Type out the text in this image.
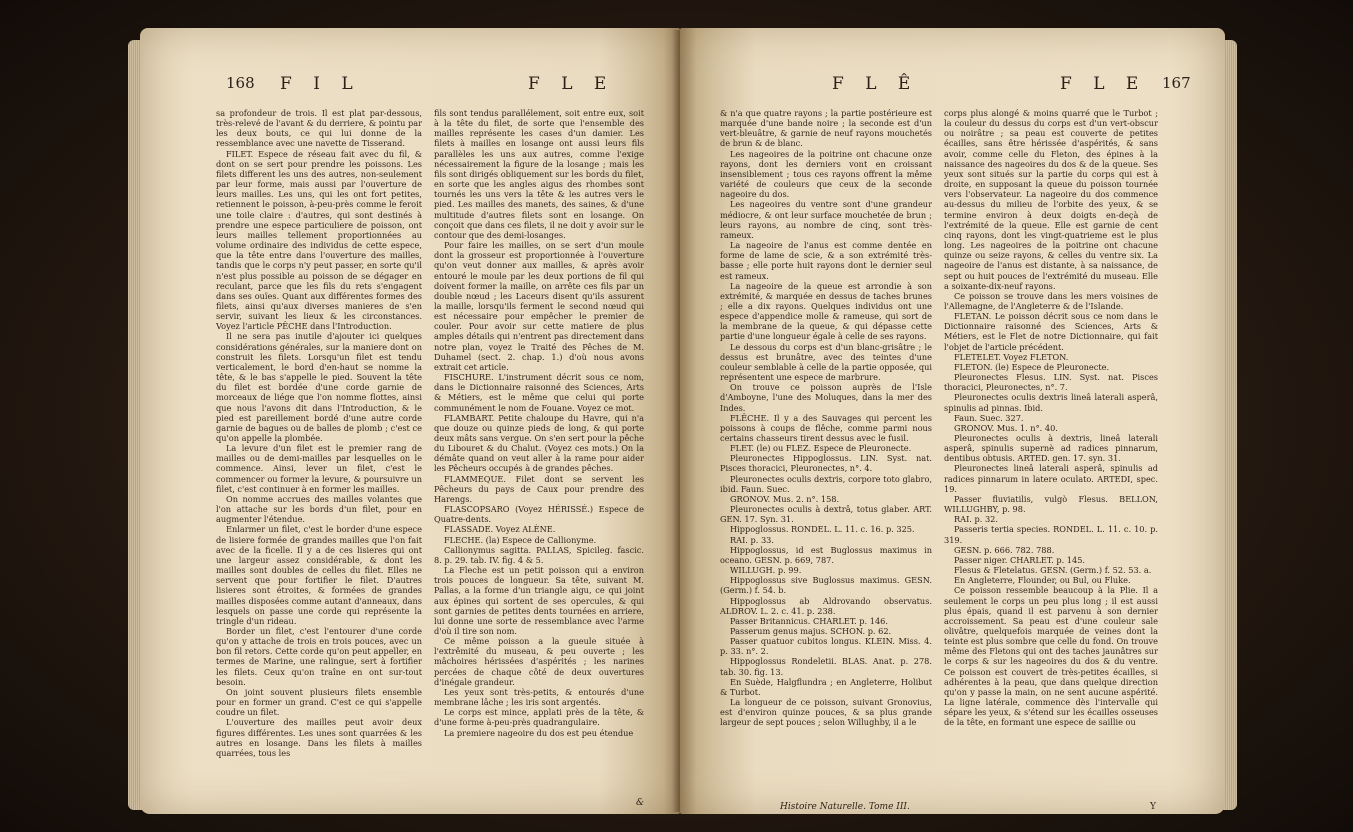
168 F I L	F L E

sa profondeur de trois. Il est plat par-dessous, très-relevé de l'avant & du derriere, & pointu par les deux bouts, ce qui lui donne de la ressemblance avec une navette de Tisserand.

FILET. Espece de réseau fait avec du fil, & dont on se sert pour prendre les poissons. Les filets different les uns des autres, non-seulement par leur forme, mais aussi par l'ouverture de leurs mailles. Les uns, qui les ont fort petites, retiennent le poisson, à-peu-près comme le feroit une toile claire : d'autres, qui sont destinés à prendre une espece particuliere de poisson, ont leurs mailles tellement proportionnées au volume ordinaire des individus de cette espece, que la tête entre dans l'ouverture des mailles, tandis que le corps n'y peut passer, en sorte qu'il n'est plus possible au poisson de se dégager en reculant, parce que les fils du rets s'engagent dans ses ouïes. Quant aux différentes formes des filets, ainsi qu'aux diverses manieres de s'en servir, suivant les lieux & les circonstances. Voyez l'article PÊCHE dans l'Introduction.

Il ne sera pas inutile d'ajouter ici quelques considérations générales, sur la maniere dont on construit les filets. Lorsqu'un filet est tendu verticalement, le bord d'en-haut se nomme la tête, & le bas s'appelle le pied. Souvent la tête du filet est bordée d'une corde garnie de morceaux de liége que l'on nomme flottes, ainsi que nous l'avons dit dans l'Introduction, & le pied est pareillement bordé d'une autre corde garnie de bagues ou de balles de plomb ; c'est ce qu'on appelle la plombée.

La levure d'un filet est le premier rang de mailles ou de demi-mailles par lesquelles on le commence. Ainsi, lever un filet, c'est le commencer ou former la levure, & poursuivre un filet, c'est continuer à en former les mailles.

On nomme accrues des mailles volantes que l'on attache sur les bords d'un filet, pour en augmenter l'étendue.

Enlarmer un filet, c'est le border d'une espece de lisiere formée de grandes mailles que l'on fait avec de la ficelle. Il y a de ces lisieres qui ont une largeur assez considérable, & dont les mailles sont doubles de celles du filet. Elles ne servent que pour fortifier le filet. D'autres lisieres sont étroites, & formées de grandes mailles disposées comme autant d'anneaux, dans lesquels on passe une corde qui représente la tringle d'un rideau.

Border un filet, c'est l'entourer d'une corde qu'on y attache de trois en trois pouces, avec un bon fil retors. Cette corde qu'on peut appeller, en termes de Marine, une ralingue, sert à fortifier les filets. Ceux qu'on traîne en ont sur-tout besoin.

On joint souvent plusieurs filets ensemble pour en former un grand. C'est ce qui s'appelle coudre un filet.

L'ouverture des mailles peut avoir deux figures différentes. Les unes sont quarrées & les autres en losange. Dans les filets à mailles quarrées, tous les

fils sont tendus parallélement, soit entre eux, soit à la tête du filet, de sorte que l'ensemble des mailles représente les cases d'un damier. Les filets à mailles en losange ont aussi leurs fils parallèles les uns aux autres, comme l'exige nécessairement la figure de la losange ; mais les fils sont dirigés obliquement sur les bords du filet, en sorte que les angles aigus des rhombes sont tournés les uns vers la tête & les autres vers le pied. Les mailles des manets, des saines, & d'une multitude d'autres filets sont en losange. On conçoit que dans ces filets, il ne doit y avoir sur le contour que des demi-losanges.

Pour faire les mailles, on se sert d'un moule dont la grosseur est proportionnée à l'ouverture qu'on veut donner aux mailles, & après avoir entouré le moule par les deux portions de fil qui doivent former la maille, on arrête ces fils par un double nœud ; les Laceurs disent qu'ils assurent la maille, lorsqu'ils ferment le second nœud qui est nécessaire pour empêcher le premier de couler. Pour avoir sur cette matiere de plus amples détails qui n'entrent pas directement dans notre plan, voyez le Traité des Pêches de M. Duhamel (sect. 2. chap. 1.) d'où nous avons extrait cet article.

FISCHURE. L'instrument décrit sous ce nom, dans le Dictionnaire raisonné des Sciences, Arts & Métiers, est le même que celui qui porte communément le nom de Fouane. Voyez ce mot.

FLAMBART. Petite chaloupe du Havre, qui n'a que douze ou quinze pieds de long, & qui porte deux mâts sans vergue. On s'en sert pour la pêche du Libouret & du Chalut. (Voyez ces mots.) On la démâte quand on veut aller à la rame pour aider les Pêcheurs occupés à de grandes pêches.

FLAMMEQUE. Filet dont se servent les Pêcheurs du pays de Caux pour prendre des Harengs.

FLASCOPSARO (Voyez HÉRISSÉ.) Espece de Quatre-dents.

FLASSADE. Voyez ALÈNE.

FLECHE. (la) Espece de Callionyme.

Callionymus sagitta. PALLAS, Spicileg. fascic. 8. p. 29. tab. IV. fig. 4 & 5.

La Fleche est un petit poisson qui a environ trois pouces de longueur. Sa tête, suivant M. Pallas, a la forme d'un triangle aigu, ce qui joint aux épines qui sortent de ses opercules, & qui sont garnies de petites dents tournées en arriere, lui donne une sorte de ressemblance avec l'arme d'où il tire son nom.

Ce même poisson a la gueule située à l'extrêmité du museau, & peu ouverte ; les mâchoires hérissées d'aspérités ; les narines percées de chaque côté de deux ouvertures d'inégale grandeur.

Les yeux sont très-petits, & entourés d'une membrane lâche ; les iris sont argentés.

Le corps est mince, applati près de la tête, & d'une forme à-peu-près quadrangulaire.

La premiere nageoire du dos est peu étendue

&
F L Ê	F L E 167

& n'a que quatre rayons ; la partie postérieure est marquée d'une bande noire ; la seconde est d'un vert-bleuâtre, & garnie de neuf rayons mouchetés de brun & de blanc.

Les nageoires de la poitrine ont chacune onze rayons, dont les derniers vont en croissant insensiblement ; tous ces rayons offrent la même variété de couleurs que ceux de la seconde nageoire du dos.

Les nageoires du ventre sont d'une grandeur médiocre, & ont leur surface mouchetée de brun ; leurs rayons, au nombre de cinq, sont très-rameux.

La nageoire de l'anus est comme dentée en forme de lame de scie, & a son extrémité très-basse ; elle porte huit rayons dont le dernier seul est rameux.

La nageoire de la queue est arrondie à son extrémité, & marquée en dessus de taches brunes ; elle a dix rayons. Quelques individus ont une espece d'appendice molle & rameuse, qui sort de la membrane de la queue, & qui dépasse cette partie d'une longueur égale à celle de ses rayons.

Le dessous du corps est d'un blanc-grisâtre ; le dessus est brunâtre, avec des teintes d'une couleur semblable à celle de la partie opposée, qui représentent une espece de marbrure.

On trouve ce poisson auprès de l'Isle d'Amboyne, l'une des Moluques, dans la mer des Indes.

FLÊCHE. Il y a des Sauvages qui percent les poissons à coups de flêche, comme parmi nous certains chasseurs tirent dessus avec le fusil.

FLET. (le) ou FLEZ. Espece de Pleuronecte.

Pleuronectes Hippoglossus. LIN. Syst. nat. Pisces thoracici, Pleuronectes, n°. 4.

Pleuronectes oculis dextris, corpore toto glabro, ibid. Faun. Suec.

GRONOV. Mus. 2. n°. 158.

Pleuronectes oculis à dextrâ, totus glaber. ART. GEN. 17. Syn. 31.

Hippoglossus. RONDEL. L. 11. c. 16. p. 325.

RAI. p. 33.

Hippoglossus, id est Buglossus maximus in oceano. GESN. p. 669, 787.

WILLUGH. p. 99.

Hippoglossus sive Buglossus maximus. GESN. (Germ.) f. 54. b.

Hippoglossus ab Aldrovando observatus. ALDROV. L. 2. c. 41. p. 238.

Passer Britannicus. CHARLET. p. 146.

Passerum genus majus. SCHON. p. 62.

Passer quatuor cubitos longus. KLEIN. Miss. 4. p. 33. n°. 2.

Hippoglossus Rondeletii. BLAS. Anat. p. 278. tab. 30. fig. 13.

En Suède, Halgflundra ; en Angleterre, Holibut & Turbot.

La longueur de ce poisson, suivant Gronovius, est d'environ quinze pouces, & sa plus grande largeur de sept pouces ; selon Willughby, il a le

corps plus alongé & moins quarré que le Turbot ; la couleur du dessus du corps est d'un vert-obscur ou noirâtre ; sa peau est couverte de petites écailles, sans être hérissée d'aspérités, & sans avoir, comme celle du Fleton, des épines à la naissance des nageoires du dos & de la queue. Ses yeux sont situés sur la partie du corps qui est à droite, en supposant la queue du poisson tournée vers l'observateur. La nageoire du dos commence au-dessus du milieu de l'orbite des yeux, & se termine environ à deux doigts en-deçà de l'extrémité de la queue. Elle est garnie de cent cinq rayons, dont les vingt-quatrieme est le plus long. Les nageoires de la poitrine ont chacune quinze ou seize rayons, & celles du ventre six. La nageoire de l'anus est distante, à sa naissance, de sept ou huit pouces de l'extrémité du museau. Elle a soixante-dix-neuf rayons.

Ce poisson se trouve dans les mers voisines de l'Allemagne, de l'Angleterre & de l'Islande.

FLETAN. Le poisson décrit sous ce nom dans le Dictionnaire raisonné des Sciences, Arts & Métiers, est le Flet de notre Dictionnaire, qui fait l'objet de l'article précédent.

FLETELET. Voyez FLETON.

FLETON. (le) Espece de Pleuronecte.

Pleuronectes Flesus. LIN. Syst. nat. Pisces thoracici, Pleuronectes, n°. 7.

Pleuronectes oculis dextris lineâ laterali asperâ, spinulis ad pinnas. Ibid.

Faun. Suec. 327.

GRONOV. Mus. 1. n°. 40.

Pleuronectes oculis à dextris, lineâ laterali asperâ, spinulis supernè ad radices pinnarum, dentibus obtusis. ARTED. gen. 17. syn. 31.

Pleuronectes lineâ laterali asperâ, spinulis ad radices pinnarum in latere oculato. ARTEDI, spec. 19.

Passer fluviatilis, vulgò Flesus. BELLON, WILLUGHBY, p. 98.

RAI. p. 32.

Passeris tertia species. RONDEL. L. 11. c. 10. p. 319.

GESN. p. 666. 782. 788.

Passer niger. CHARLET. p. 145.

Flesus & Fletelatus. GESN. (Germ.) f. 52. 53. a.

En Angleterre, Flounder, ou Bul, ou Fluke.

Ce poisson ressemble beaucoup à la Plie. Il a seulement le corps un peu plus long ; il est aussi plus épais, quand il est parvenu à son dernier accroissement. Sa peau est d'une couleur sale olivâtre, quelquefois marquée de veines dont la teinte est plus sombre que celle du fond. On trouve même des Fletons qui ont des taches jaunâtres sur le corps & sur les nageoires du dos & du ventre. Ce poisson est couvert de très-petites écailles, si adhérentes à la peau, que dans quelque direction qu'on y passe la main, on ne sent aucune aspérité. La ligne latérale, commence dès l'intervalle qui sépare les yeux, & s'étend sur les écailles osseuses de la tête, en formant une espece de saillie ou

Histoire Naturelle. Tome III.	Y
